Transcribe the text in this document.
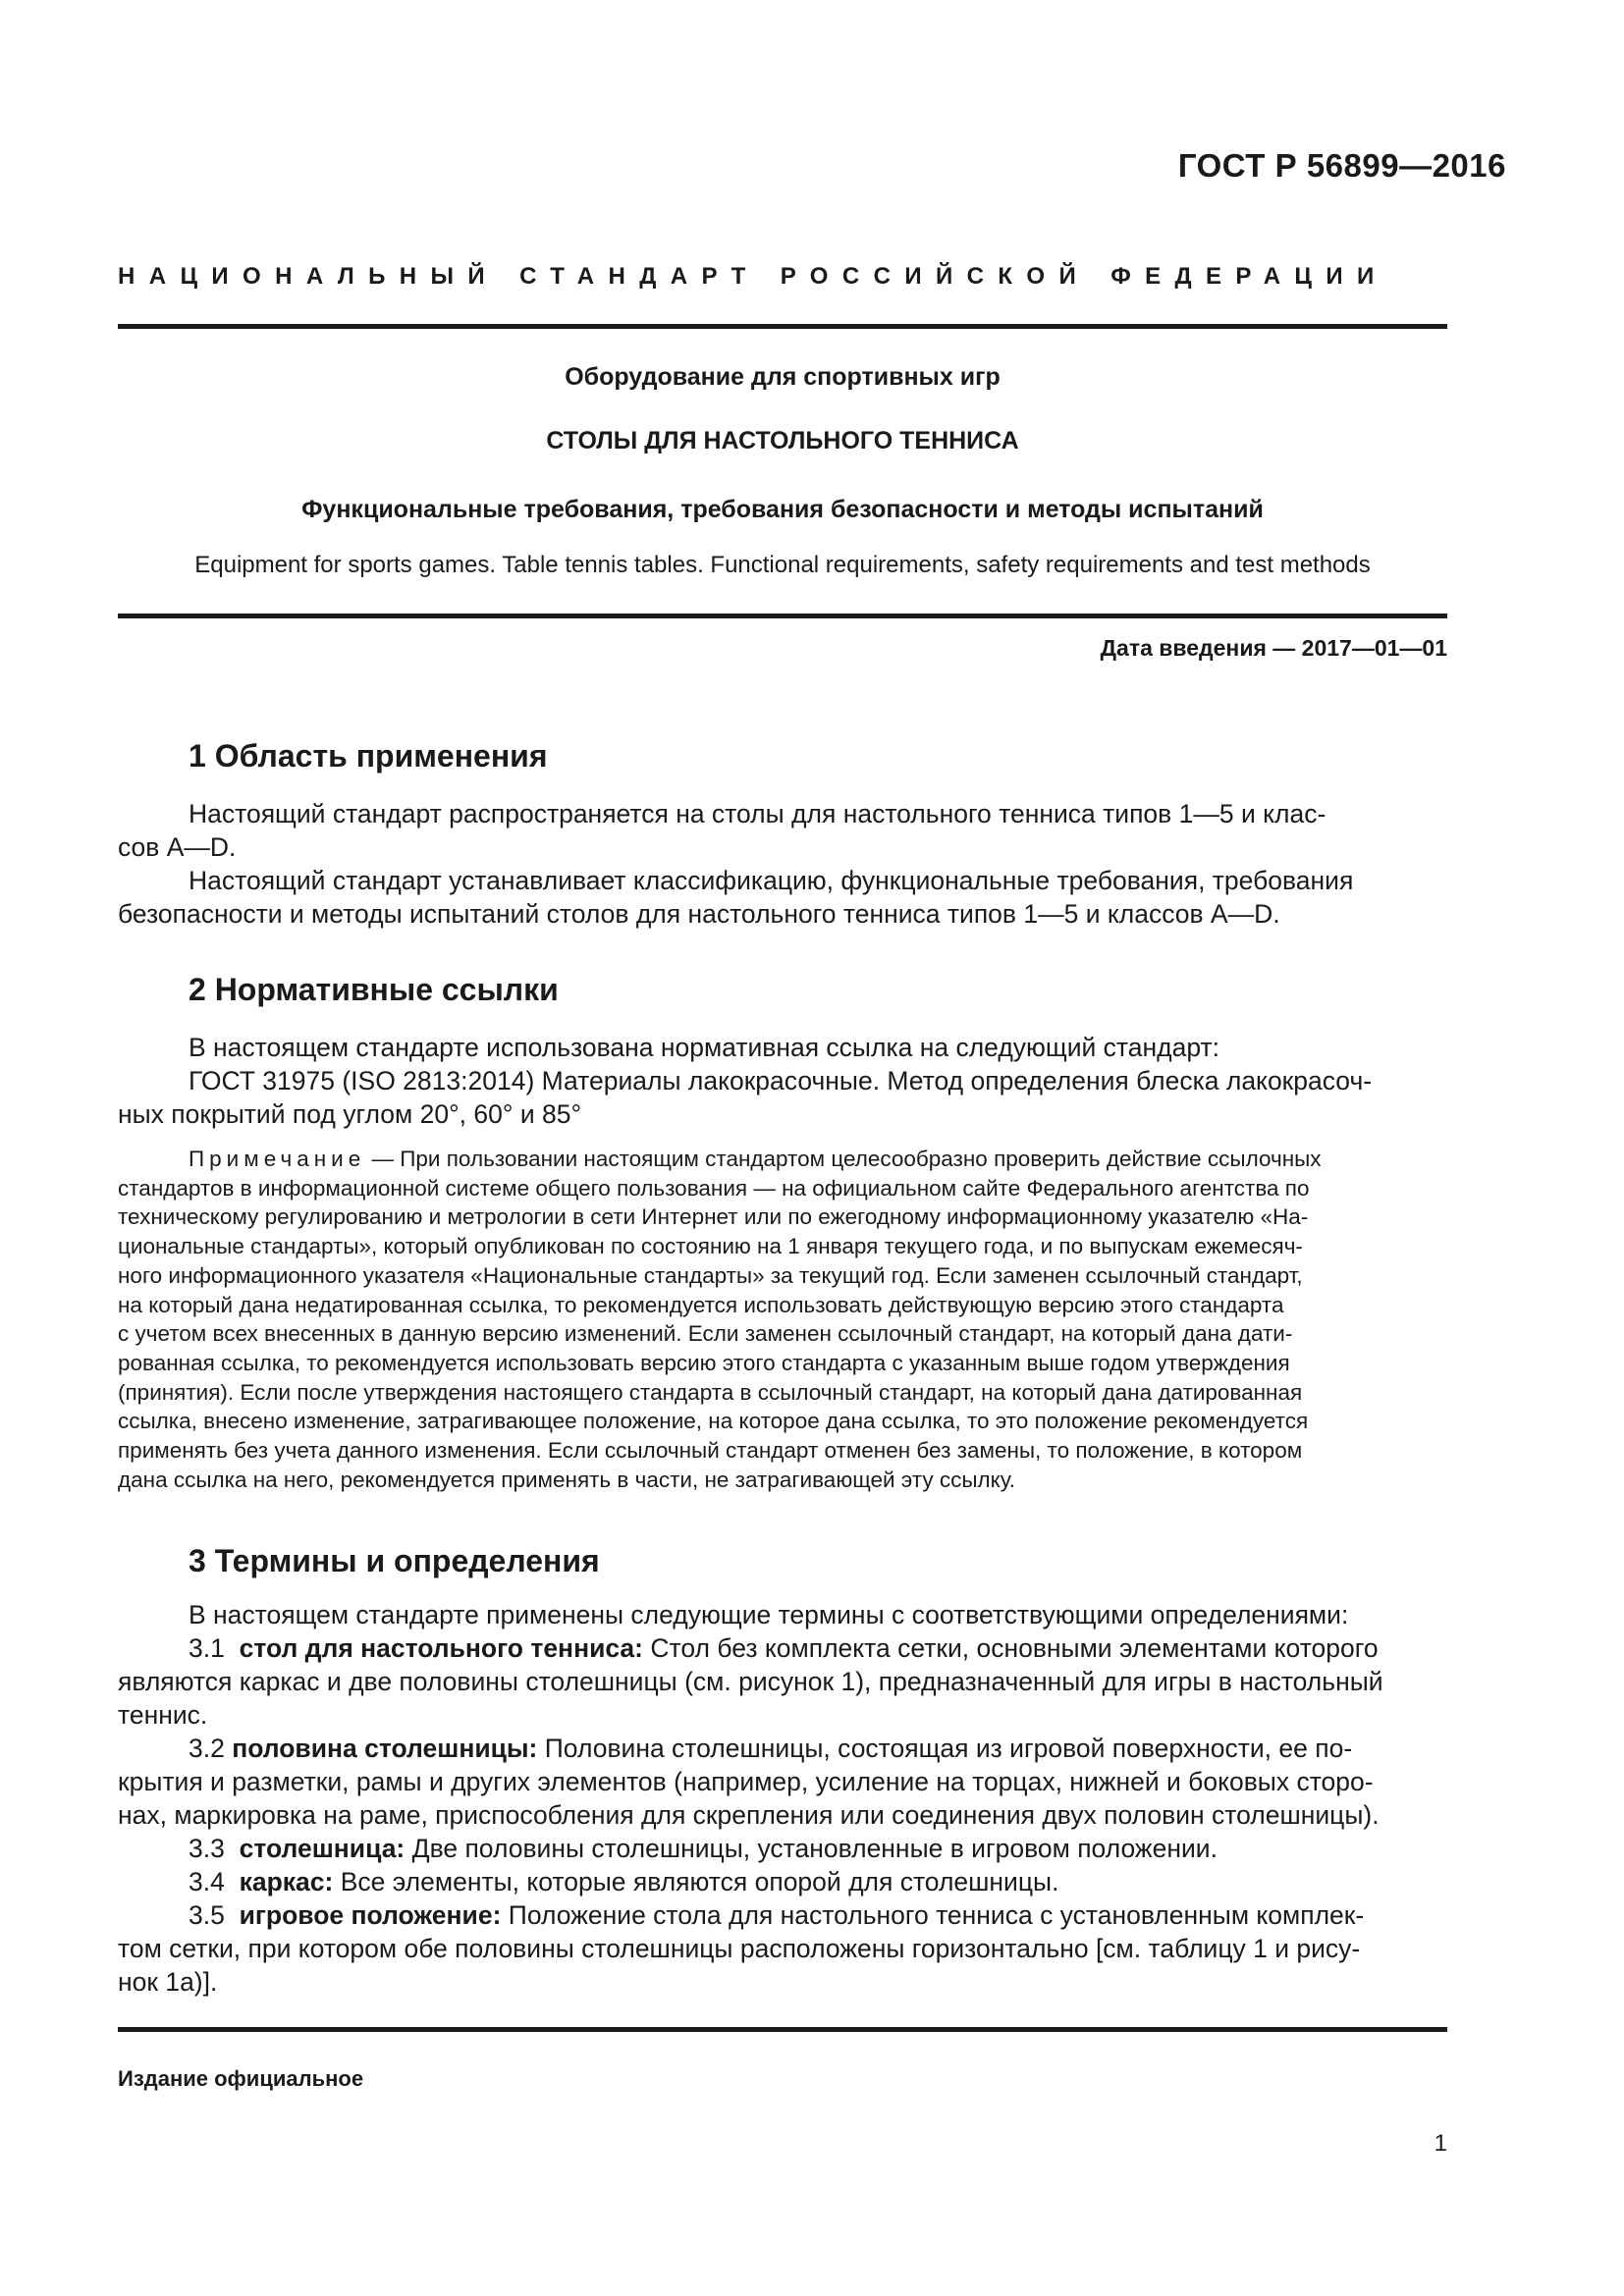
ГОСТ Р 56899—2016
НАЦИОНАЛЬНЫЙ СТАНДАРТ РОССИЙСКОЙ ФЕДЕРАЦИИ
Оборудование для спортивных игр
СТОЛЫ ДЛЯ НАСТОЛЬНОГО ТЕННИСА
Функциональные требования, требования безопасности и методы испытаний
Equipment for sports games. Table tennis tables. Functional requirements, safety requirements and test methods
Дата введения — 2017—01—01
1 Область применения
Настоящий стандарт распространяется на столы для настольного тенниса типов 1—5 и клас-
сов A—D.
Настоящий стандарт устанавливает классификацию, функциональные требования, требования
безопасности и методы испытаний столов для настольного тенниса типов 1—5 и классов A—D.
2 Нормативные ссылки
В настоящем стандарте использована нормативная ссылка на следующий стандарт:
ГОСТ 31975 (ISO 2813:2014) Материалы лакокрасочные. Метод определения блеска лакокрасоч-
ных покрытий под углом 20°, 60° и 85°
Примечание — При пользовании настоящим стандартом целесообразно проверить действие ссылочных
стандартов в информационной системе общего пользования — на официальном сайте Федерального агентства по
техническому регулированию и метрологии в сети Интернет или по ежегодному информационному указателю «На-
циональные стандарты», который опубликован по состоянию на 1 января текущего года, и по выпускам ежемесяч-
ного информационного указателя «Национальные стандарты» за текущий год. Если заменен ссылочный стандарт,
на который дана недатированная ссылка, то рекомендуется использовать действующую версию этого стандарта
с учетом всех внесенных в данную версию изменений. Если заменен ссылочный стандарт, на который дана дати-
рованная ссылка, то рекомендуется использовать версию этого стандарта с указанным выше годом утверждения
(принятия). Если после утверждения настоящего стандарта в ссылочный стандарт, на который дана датированная
ссылка, внесено изменение, затрагивающее положение, на которое дана ссылка, то это положение рекомендуется
применять без учета данного изменения. Если ссылочный стандарт отменен без замены, то положение, в котором
дана ссылка на него, рекомендуется применять в части, не затрагивающей эту ссылку.
3 Термины и определения
В настоящем стандарте применены следующие термины с соответствующими определениями:
3.1 стол для настольного тенниса: Стол без комплекта сетки, основными элементами которого
являются каркас и две половины столешницы (см. рисунок 1), предназначенный для игры в настольный
теннис.
3.2 половина столешницы: Половина столешницы, состоящая из игровой поверхности, ее по-
крытия и разметки, рамы и других элементов (например, усиление на торцах, нижней и боковых сторо-
нах, маркировка на раме, приспособления для скрепления или соединения двух половин столешницы).
3.3 столешница: Две половины столешницы, установленные в игровом положении.
3.4 каркас: Все элементы, которые являются опорой для столешницы.
3.5 игровое положение: Положение стола для настольного тенниса с установленным комплек-
том сетки, при котором обе половины столешницы расположены горизонтально [см. таблицу 1 и рису-
нок 1а)].
Издание официальное
1
